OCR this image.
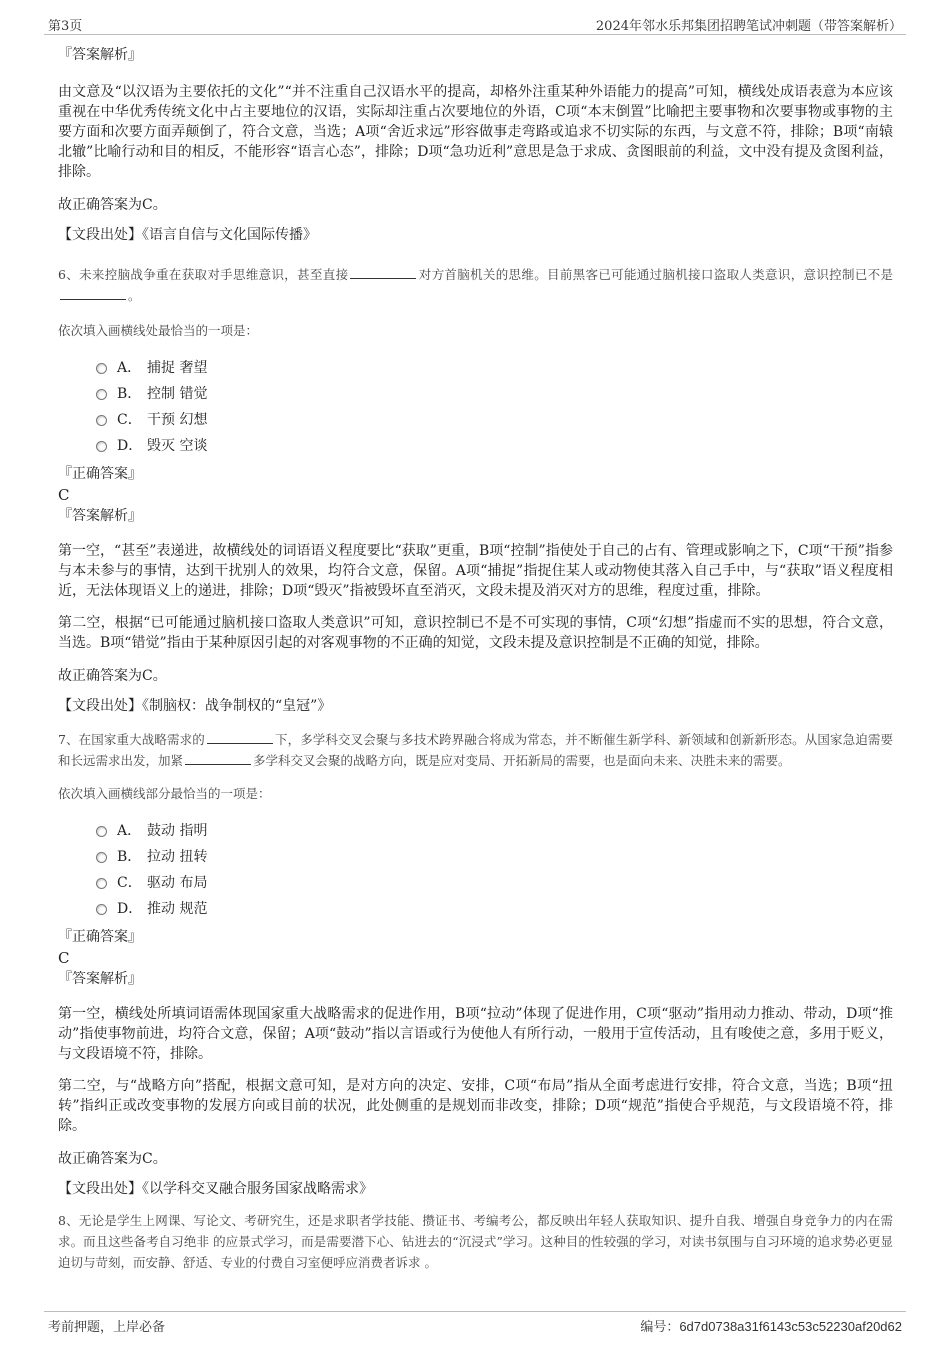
第3页	2024年邻水乐邦集团招聘笔试冲刺题（带答案解析）

『答案解析』

由文意及“以汉语为主要依托的文化”“并不注重自己汉语水平的提高，却格外注重某种外语能力的提高”可知，横线处成语表意为本应该重视在中华优秀传统文化中占主要地位的汉语，实际却注重占次要地位的外语，C项“本末倒置”比喻把主要事物和次要事物或事物的主要方面和次要方面弄颠倒了，符合文意，当选；A项“舍近求远”形容做事走弯路或追求不切实际的东西，与文意不符，排除；B项“南辕北辙”比喻行动和目的相反，不能形容“语言心态”，排除；D项“急功近利”意思是急于求成、贪图眼前的利益，文中没有提及贪图利益，排除。

故正确答案为C。

【文段出处】《语言自信与文化国际传播》

6、未来控脑战争重在获取对手思维意识，甚至直接	对方首脑机关的思维。目前黑客已可能通过脑机接口盗取人类意识，意识控制已不是。

依次填入画横线处最恰当的一项是：

A． 捕捉 奢望
B． 控制 错觉
C． 干预 幻想
D． 毁灭 空谈

『正确答案』

C

『答案解析』

第一空，“甚至”表递进，故横线处的词语语义程度要比“获取”更重，B项“控制”指使处于自己的占有、管理或影响之下，C项“干预”指参与本未参与的事情，达到干扰别人的效果，均符合文意，保留。A项“捕捉”指捉住某人或动物使其落入自己手中，与“获取”语义程度相近，无法体现语义上的递进，排除；D项“毁灭”指被毁坏直至消灭，文段未提及消灭对方的思维，程度过重，排除。

第二空，根据“已可能通过脑机接口盗取人类意识”可知，意识控制已不是不可实现的事情，C项“幻想”指虚而不实的思想，符合文意，当选。B项“错觉”指由于某种原因引起的对客观事物的不正确的知觉，文段未提及意识控制是不正确的知觉，排除。

故正确答案为C。

【文段出处】《制脑权：战争制权的“皇冠”》

7、在国家重大战略需求的	下，多学科交叉会聚与多技术跨界融合将成为常态，并不断催生新学科、新领域和创新新形态。从国家急迫需要和长远需求出发，加紧	多学科交叉会聚的战略方向，既是应对变局、开拓新局的需要，也是面向未来、决胜未来的需要。

依次填入画横线部分最恰当的一项是：

A． 鼓动 指明
B． 拉动 扭转
C． 驱动 布局
D． 推动 规范

『正确答案』

C

『答案解析』

第一空，横线处所填词语需体现国家重大战略需求的促进作用，B项“拉动”体现了促进作用，C项“驱动”指用动力推动、带动，D项“推动”指使事物前进，均符合文意，保留；A项“鼓动”指以言语或行为使他人有所行动，一般用于宣传活动，且有唆使之意，多用于贬义，与文段语境不符，排除。

第二空，与“战略方向”搭配，根据文意可知，是对方向的决定、安排，C项“布局”指从全面考虑进行安排，符合文意，当选；B项“扭转”指纠正或改变事物的发展方向或目前的状况，此处侧重的是规划而非改变，排除；D项“规范”指使合乎规范，与文段语境不符，排除。

故正确答案为C。

【文段出处】《以学科交叉融合服务国家战略需求》

8、无论是学生上网课、写论文、考研究生，还是求职者学技能、攒证书、考编考公，都反映出年轻人获取知识、提升自我、增强自身竞争力的内在需求。而且这些备考自习绝非 的应景式学习，而是需要潜下心、钻进去的“沉浸式”学习。这种目的性较强的学习，对读书氛围与自习环境的追求势必更显迫切与苛刻，而安静、舒适、专业的付费自习室便呼应消费者诉求 。

考前押题，上岸必备	编号：6d7d0738a31f6143c53c52230af20d62
